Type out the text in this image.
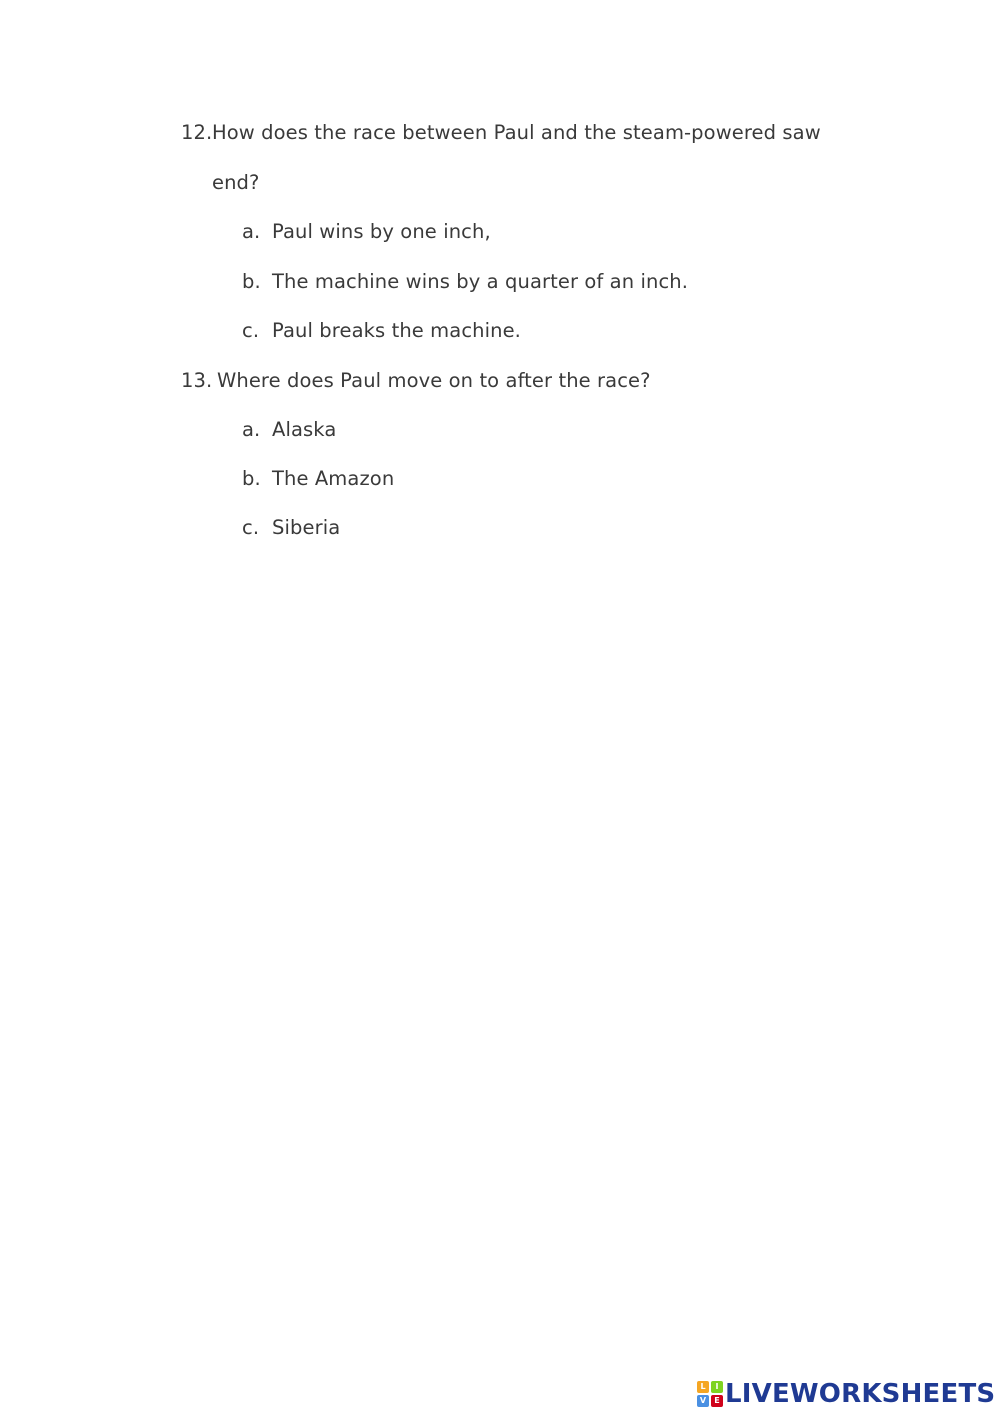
12. How does the race between Paul and the steam-powered saw
end?
a. Paul wins by one inch,
b. The machine wins by a quarter of an inch.
c. Paul breaks the machine.
13. Where does Paul move on to after the race?
a. Alaska
b. The Amazon
c. Siberia
L	I
V	E LIVEWORKSHEETS
